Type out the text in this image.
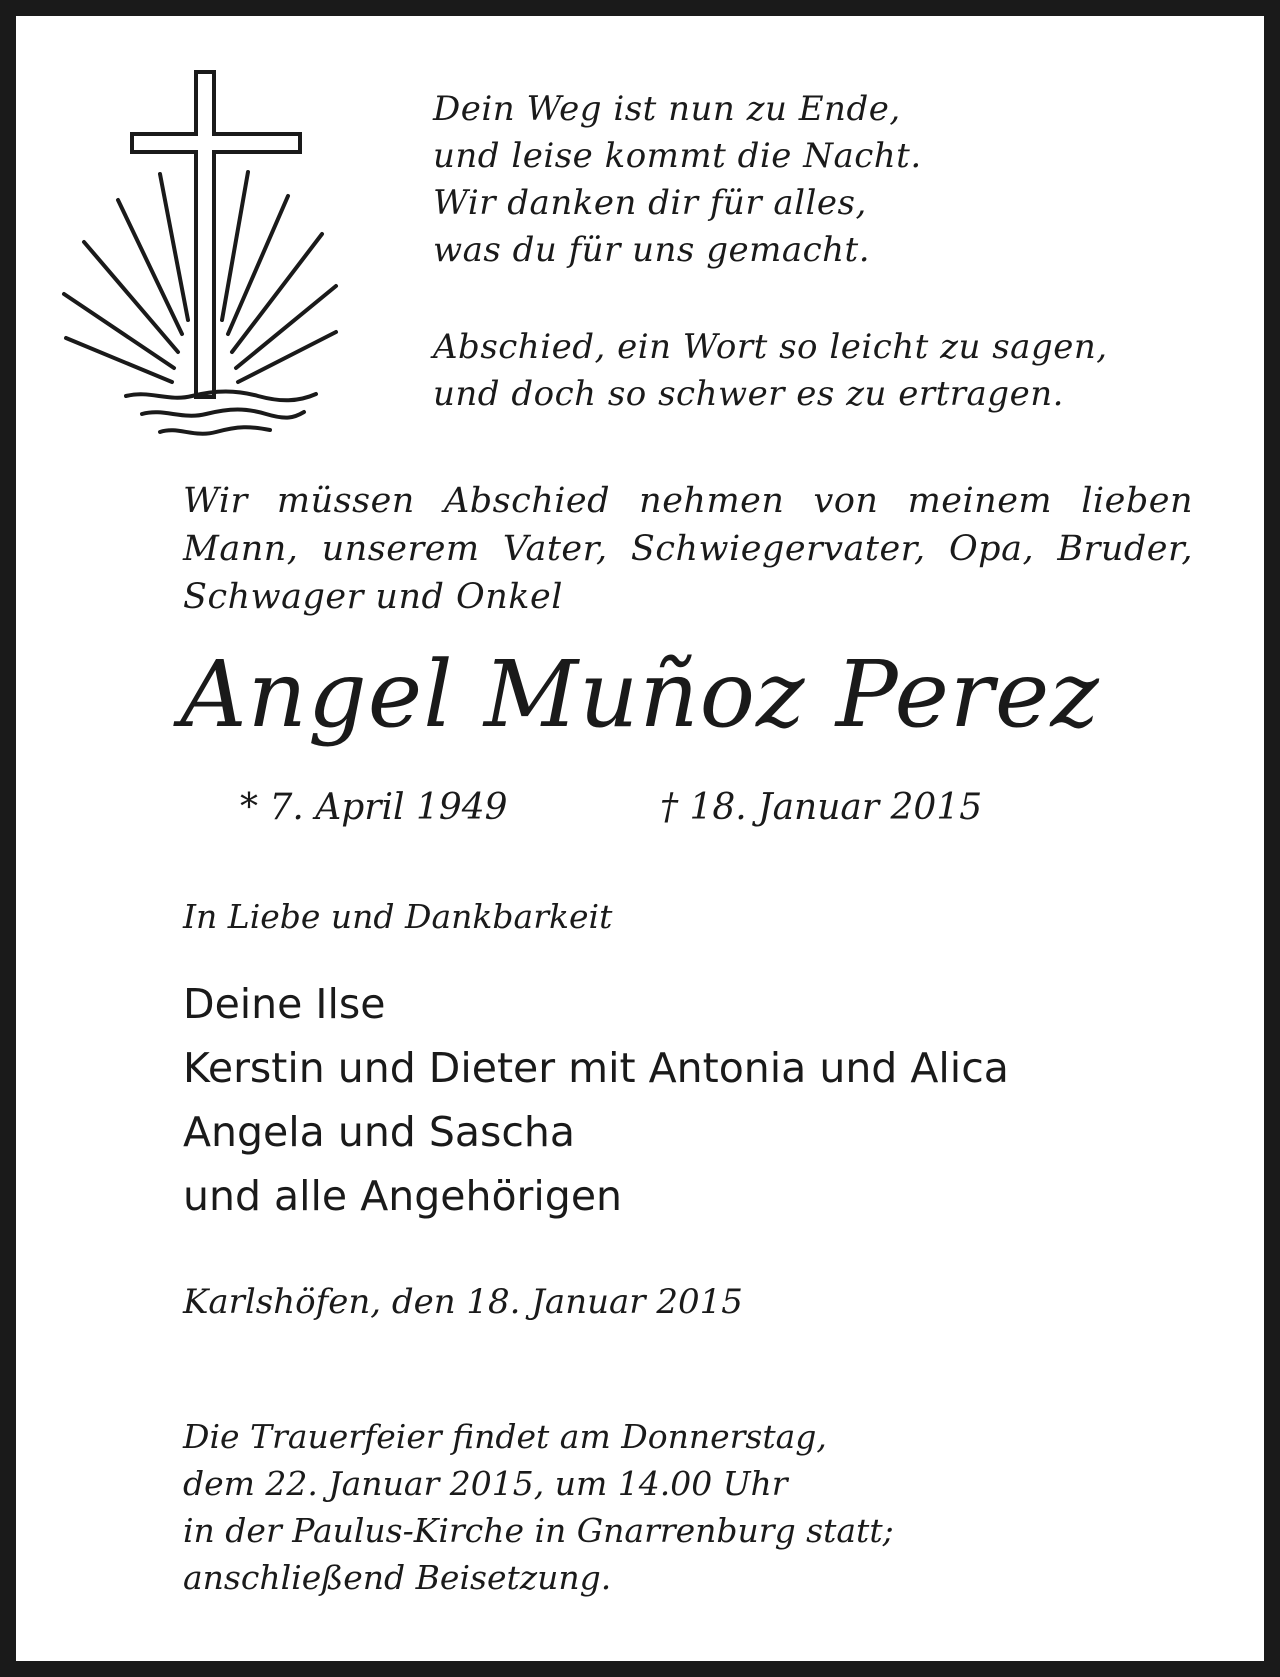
Dein Weg ist nun zu Ende,
und leise kommt die Nacht.
Wir danken dir für alles,
was du für uns gemacht.
Abschied, ein Wort so leicht zu sagen,
und doch so schwer es zu ertragen.
Wir müssen Abschied nehmen von meinem lieben Mann, unserem Vater, Schwiegervater, Opa, Bruder, Schwager und Onkel
Angel Muñoz Perez
* 7. April 1949	† 18. Januar 2015
In Liebe und Dankbarkeit
Deine Ilse
Kerstin und Dieter mit Antonia und Alica
Angela und Sascha
und alle Angehörigen
Karlshöfen, den 18. Januar 2015
Die Trauerfeier findet am Donnerstag,
dem 22. Januar 2015, um 14.00 Uhr
in der Paulus-Kirche in Gnarrenburg statt;
anschließend Beisetzung.
